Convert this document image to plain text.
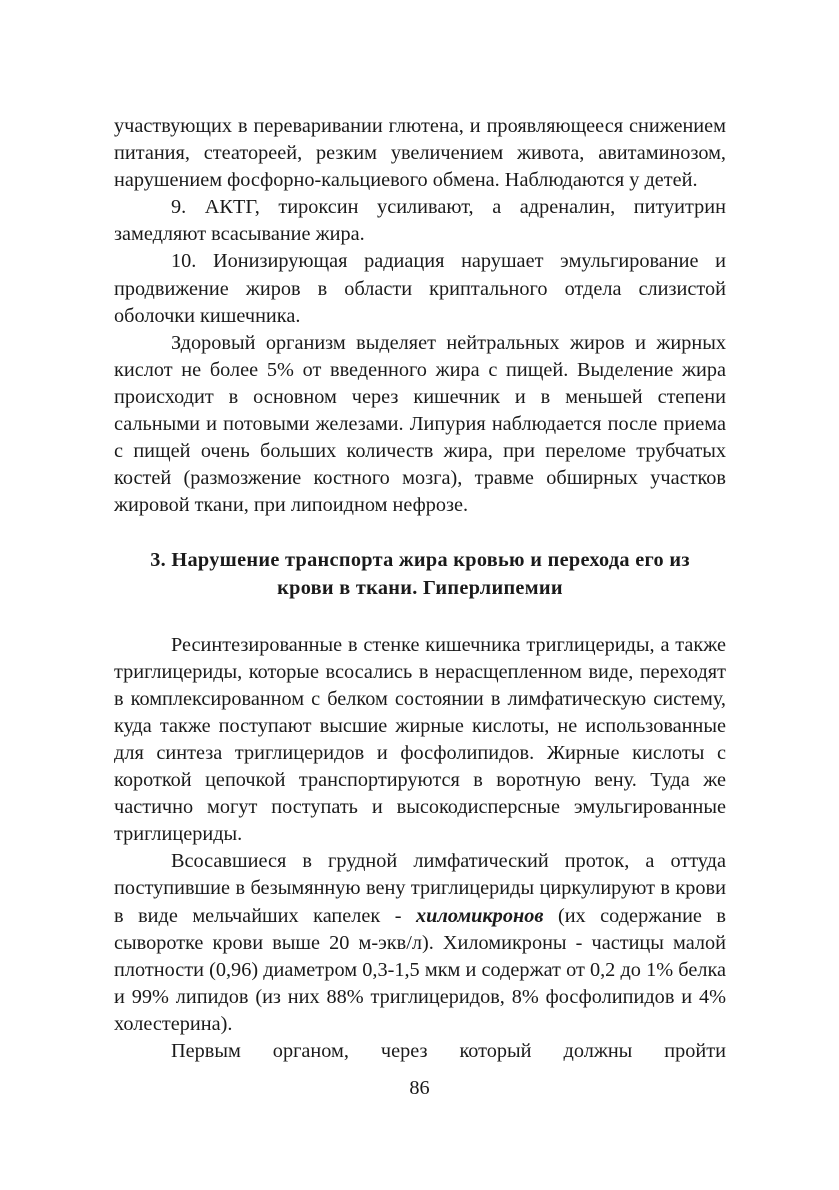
участвующих в переваривании глютена, и проявляющееся снижением питания, стеатореей, резким увеличением живота, авитаминозом, нарушением фосфорно-кальциевого обмена. Наблюдаются у детей.

9. АКТГ, тироксин усиливают, а адреналин, питуитрин замедляют всасывание жира.

10. Ионизирующая радиация нарушает эмульгирование и продвижение жиров в области криптального отдела слизистой оболочки кишечника.

Здоровый организм выделяет нейтральных жиров и жирных кислот не более 5% от введенного жира с пищей. Выделение жира происходит в основном через кишечник и в меньшей степени сальными и потовыми железами. Липурия наблюдается после приема с пищей очень больших количеств жира, при переломе трубчатых костей (размозжение костного мозга), травме обширных участков жировой ткани, при липоидном нефрозе.

3. Нарушение транспорта жира кровью и перехода его из
крови в ткани. Гиперлипемии

Ресинтезированные в стенке кишечника триглицериды, а также триглицериды, которые всосались в нерасщепленном виде, переходят в комплексированном с белком состоянии в лимфатическую систему, куда также поступают высшие жирные кислоты, не использованные для синтеза триглицеридов и фосфолипидов. Жирные кислоты с короткой цепочкой транспортируются в воротную вену. Туда же частично могут поступать и высокодисперсные эмульгированные триглицериды.

Всосавшиеся в грудной лимфатический проток, а оттуда поступившие в безымянную вену триглицериды циркулируют в крови в виде мельчайших капелек - хиломикронов (их содержание в сыворотке крови выше 20 м-экв/л). Хиломикроны - частицы малой плотности (0,96) диаметром 0,3-1,5 мкм и содержат от 0,2 до 1% белка и 99% липидов (из них 88% триглицеридов, 8% фосфолипидов и 4% холестерина).

Первым органом, через который должны пройти

86
